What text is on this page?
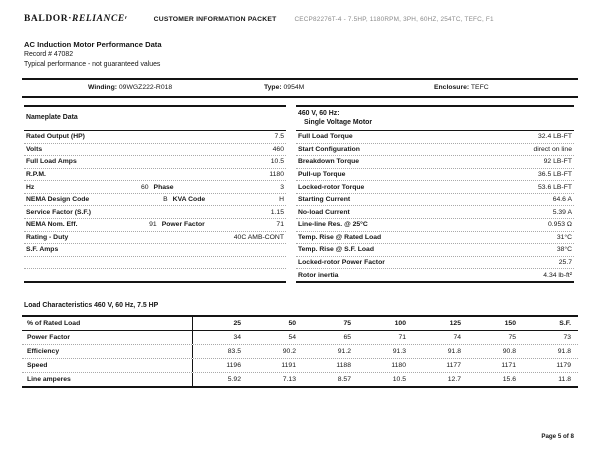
$BALDOR\cdot RELIANCE^r$	CUSTOMER INFORMATION PACKET	CECP82276T-4 - 7.5HP, 1180RPM, 3PH, 60HZ, 254TC, TEFC, F1
AC Induction Motor Performance Data
Record # 47082
Typical performance - not guaranteed values
Winding: 09WGZ222-R018	Type: 0954M	Enclosure: TEFC
Nameplate Data
Rated Output (HP)	7.5
Volts	460
Full Load Amps	10.5
R.P.M.	1180
Hz	60 Phase	3
NEMA Design Code	B KVA Code	H
Service Factor (S.F.)	1.15
NEMA Nom. Eff.	91 Power Factor	71
Rating - Duty	40C AMB-CONT
S.F. Amps
460 V, 60 Hz:
Single Voltage Motor
Full Load Torque	32.4 LB-FT
Start Configuration	direct on line
Breakdown Torque	92 LB-FT
Pull-up Torque	36.5 LB-FT
Locked-rotor Torque	53.6 LB-FT
Starting Current	64.6 A
No-load Current	5.39 A
Line-line Res. @ 25°C	0.953 Ω
Temp. Rise @ Rated Load	31°C
Temp. Rise @ S.F. Load	38°C
Locked-rotor Power Factor	25.7
Rotor inertia	4.34 lb-ft²
Load Characteristics 460 V, 60 Hz, 7.5 HP
% of Rated Load	25	50	75	100	125	150	S.F.
Power Factor	34	54	65	71	74	75	73
Efficiency	83.5	90.2	91.2	91.3	91.8	90.8	91.8
Speed	1196	1191	1188	1180	1177	1171	1179
Line amperes	5.92	7.13	8.57	10.5	12.7	15.6	11.8
Page 5 of 8
